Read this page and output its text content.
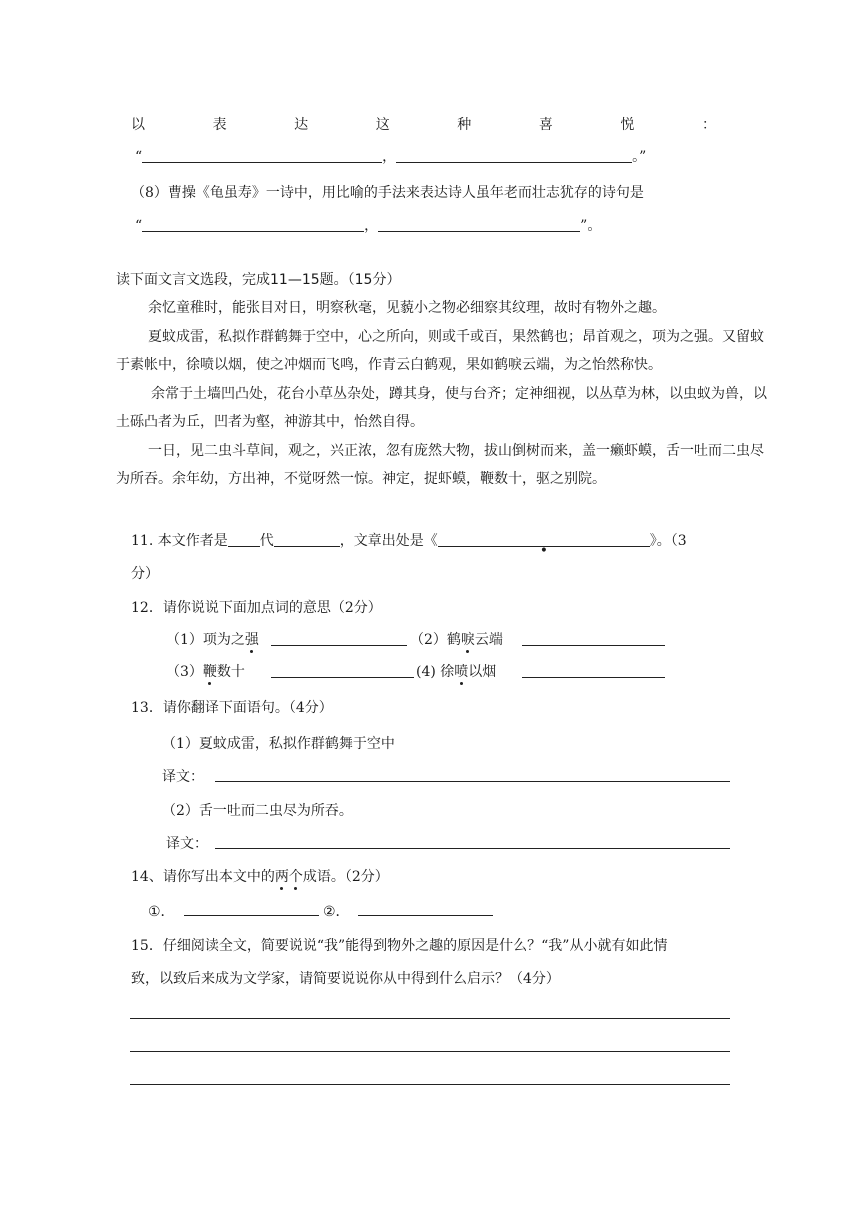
以	表	达	这	种	喜	悦	：
“	，	。”
（8）曹操《龟虽寿》一诗中，用比喻的手法来表达诗人虽年老而壮志犹存的诗句是
“	，	”。
读下面文言文选段，完成11—15题。（15分）
余忆童稚时，能张目对日，明察秋毫，见藐小之物必细察其纹理，故时有物外之趣。
夏蚊成雷，私拟作群鹤舞于空中，心之所向，则或千或百，果然鹤也；昂首观之，项为之强。又留蚊
于素帐中，徐喷以烟，使之冲烟而飞鸣，作青云白鹤观，果如鹤唳云端，为之怡然称快。
余常于土墙凹凸处，花台小草丛杂处，蹲其身，使与台齐；定神细视，以丛草为林，以虫蚁为兽，以
土砾凸者为丘，凹者为壑，神游其中，怡然自得。
一日，见二虫斗草间，观之，兴正浓，忽有庞然大物，拔山倒树而来，盖一癞虾蟆，舌一吐而二虫尽
为所吞。余年幼，方出神，不觉呀然一惊。神定，捉虾蟆，鞭数十，驱之别院。
11. 本文作者是 代	，文章出处是《
•
》。（3
分）
12．请你说说下面加点词的意思（2分）
（1）项为之强	（2）鹤唳云端
（3）鞭数十	(4) 徐喷以烟
13．请你翻译下面语句。（4分）
（1）夏蚊成雷，私拟作群鹤舞于空中
译文：
（2）舌一吐而二虫尽为所吞。
译文：
14、请你写出本文中的两个成语。（2分）
①．	②．
15．仔细阅读全文，简要说说“我”能得到物外之趣的原因是什么？“我”从小就有如此情
致，以致后来成为文学家，请简要说说你从中得到什么启示？（4分）
